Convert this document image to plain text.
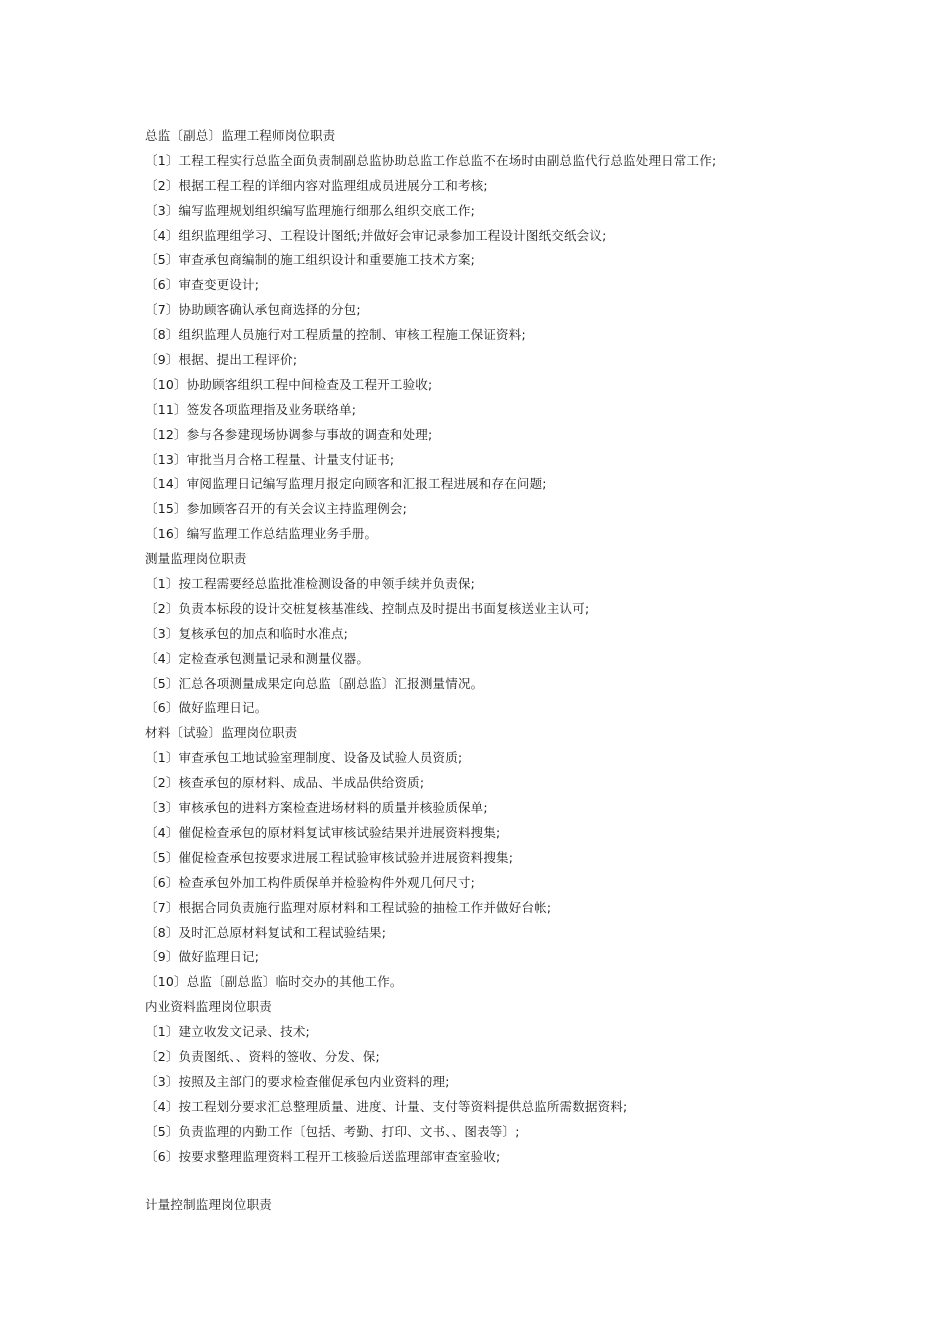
总监〔副总〕监理工程师岗位职责
〔1〕工程工程实行总监全面负责制副总监协助总监工作总监不在场时由副总监代行总监处理日常工作;
〔2〕根据工程工程的详细内容对监理组成员进展分工和考核;
〔3〕编写监理规划组织编写监理施行细那么组织交底工作;
〔4〕组织监理组学习、工程设计图纸;并做好会审记录参加工程设计图纸交纸会议;
〔5〕审查承包商编制的施工组织设计和重要施工技术方案;
〔6〕审查变更设计;
〔7〕协助顾客确认承包商选择的分包;
〔8〕组织监理人员施行对工程质量的控制、审核工程施工保证资料;
〔9〕根据、提出工程评价;
〔10〕协助顾客组织工程中间检查及工程开工验收;
〔11〕签发各项监理指及业务联络单;
〔12〕参与各参建现场协调参与事故的调查和处理;
〔13〕审批当月合格工程量、计量支付证书;
〔14〕审阅监理日记编写监理月报定向顾客和汇报工程进展和存在问题;
〔15〕参加顾客召开的有关会议主持监理例会;
〔16〕编写监理工作总结监理业务手册。
测量监理岗位职责
〔1〕按工程需要经总监批准检测设备的申领手续并负责保;
〔2〕负责本标段的设计交桩复核基准线、控制点及时提出书面复核送业主认可;
〔3〕复核承包的加点和临时水准点;
〔4〕定检查承包测量记录和测量仪器。
〔5〕汇总各项测量成果定向总监〔副总监〕汇报测量情况。
〔6〕做好监理日记。
材料〔试验〕监理岗位职责
〔1〕审查承包工地试验室理制度、设备及试验人员资质;
〔2〕核查承包的原材料、成品、半成品供给资质;
〔3〕审核承包的进料方案检查进场材料的质量并核验质保单;
〔4〕催促检查承包的原材料复试审核试验结果并进展资料搜集;
〔5〕催促检查承包按要求进展工程试验审核试验并进展资料搜集;
〔6〕检查承包外加工构件质保单并检验构件外观几何尺寸;
〔7〕根据合同负责施行监理对原材料和工程试验的抽检工作并做好台帐;
〔8〕及时汇总原材料复试和工程试验结果;
〔9〕做好监理日记;
〔10〕总监〔副总监〕临时交办的其他工作。
内业资料监理岗位职责
〔1〕建立收发文记录、技术;
〔2〕负责图纸、、资料的签收、分发、保;
〔3〕按照及主部门的要求检查催促承包内业资料的理;
〔4〕按工程划分要求汇总整理质量、进度、计量、支付等资料提供总监所需数据资料;
〔5〕负责监理的内勤工作〔包括、考勤、打印、文书、、图表等〕;
〔6〕按要求整理监理资料工程开工核验后送监理部审查室验收;
计量控制监理岗位职责
